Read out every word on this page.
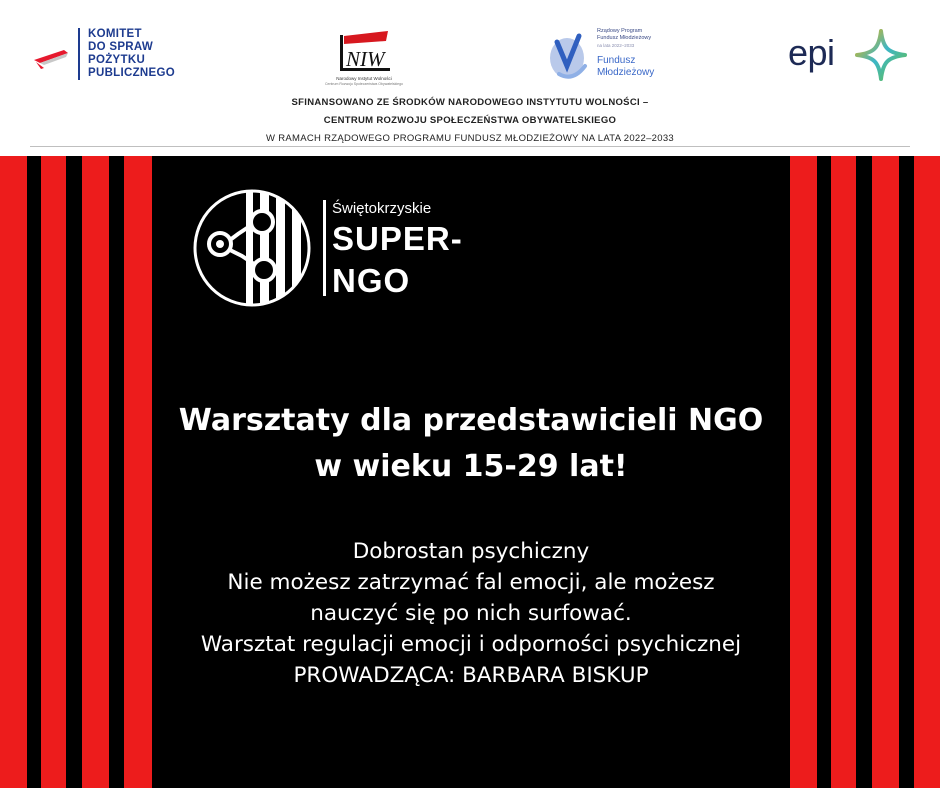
KOMITET
DO SPRAW
POŻYTKU
PUBLICZNEGO
NIW
Narodowy Instytut Wolności
Centrum Rozwoju Społeczeństwa Obywatelskiego
Rządowy Program
Fundusz Młodzieżowy
na lata 2022–2033
Fundusz
Młodzieżowy	epi
SFINANSOWANO ZE ŚRODKÓW NARODOWEGO INSTYTUTU WOLNOŚCI –
CENTRUM ROZWOJU SPOŁECZEŃSTWA OBYWATELSKIEGO
W RAMACH RZĄDOWEGO PROGRAMU FUNDUSZ MŁODZIEŻOWY NA LATA 2022–2033
Świętokrzyskie
SUPER-
NGO
Warsztaty dla przedstawicieli NGO
w wieku 15-29 lat!
Dobrostan psychiczny
Nie możesz zatrzymać fal emocji, ale możesz
nauczyć się po nich surfować.
Warsztat regulacji emocji i odporności psychicznej
PROWADZĄCA: BARBARA BISKUP
